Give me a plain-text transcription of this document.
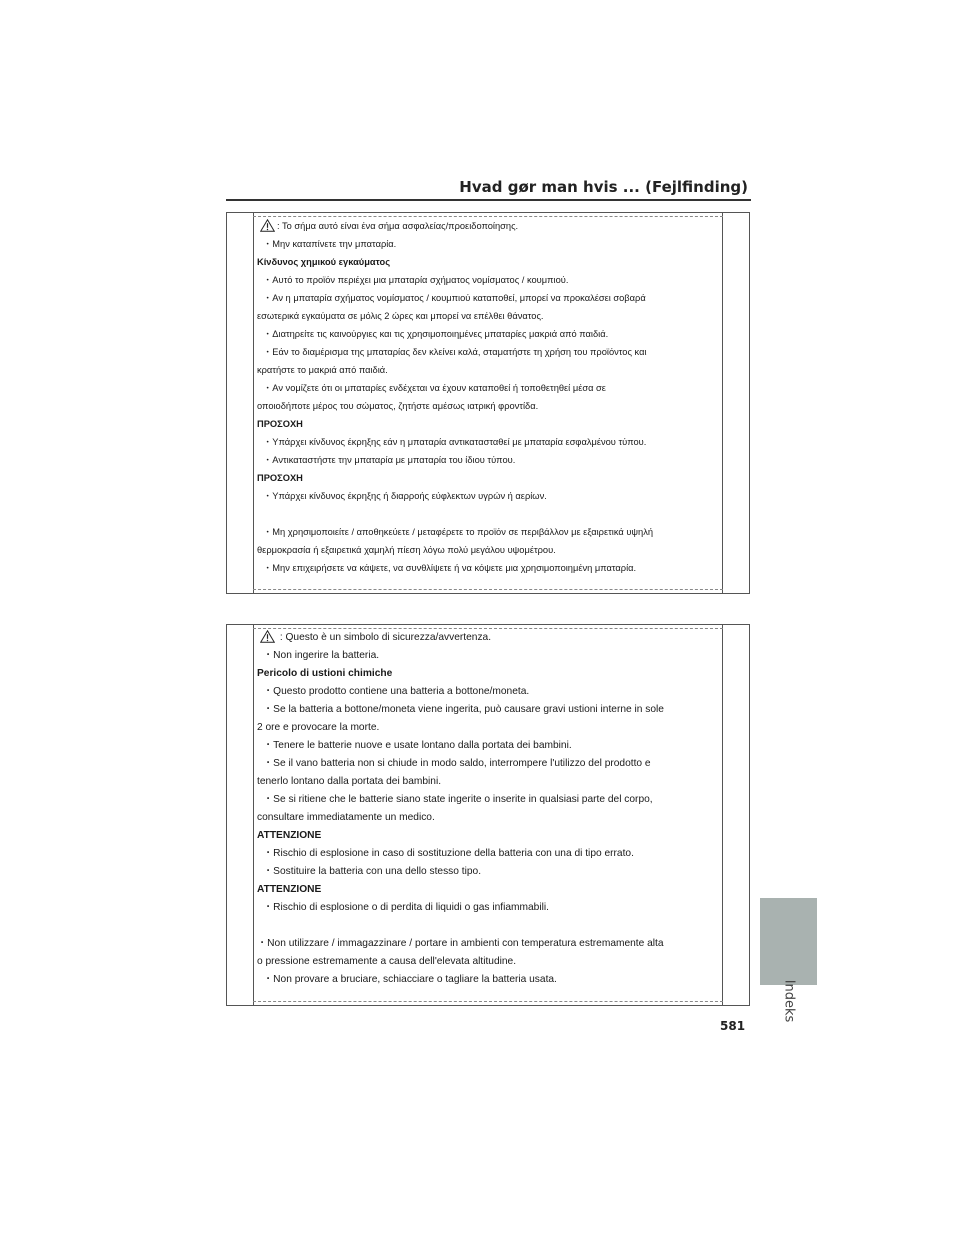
Hvad gør man hvis ... (Fejlfinding)
: Το σήμα αυτό είναι ένα σήμα ασφαλείας/προειδοποίησης.
・Μην καταπίνετε την μπαταρία.
Κίνδυνος χημικού εγκαύματος
・Αυτό το προϊόν περιέχει μια μπαταρία σχήματος νομίσματος / κουμπιού.
・Αν η μπαταρία σχήματος νομίσματος / κουμπιού καταποθεί, μπορεί να προκαλέσει σοβαρά
εσωτερικά εγκαύματα σε μόλις 2 ώρες και μπορεί να επέλθει θάνατος.
・Διατηρείτε τις καινούργιες και τις χρησιμοποιημένες μπαταρίες μακριά από παιδιά.
・Εάν το διαμέρισμα της μπαταρίας δεν κλείνει καλά, σταματήστε τη χρήση του προϊόντος και
κρατήστε το μακριά από παιδιά.
・Αν νομίζετε ότι οι μπαταρίες ενδέχεται να έχουν καταποθεί ή τοποθετηθεί μέσα σε
οποιοδήποτε μέρος του σώματος, ζητήστε αμέσως ιατρική φροντίδα.
ΠΡΟΣΟΧΗ
・Υπάρχει κίνδυνος έκρηξης εάν η μπαταρία αντικατασταθεί με μπαταρία εσφαλμένου τύπου.
・Αντικαταστήστε την μπαταρία με μπαταρία του ίδιου τύπου.
ΠΡΟΣΟΧΗ
・Υπάρχει κίνδυνος έκρηξης ή διαρροής εύφλεκτων υγρών ή αερίων.
・Μη χρησιμοποιείτε / αποθηκεύετε / μεταφέρετε το προϊόν σε περιβάλλον με εξαιρετικά υψηλή
θερμοκρασία ή εξαιρετικά χαμηλή πίεση λόγω πολύ μεγάλου υψομέτρου.
・Μην επιχειρήσετε να κάψετε, να συνθλίψετε ή να κόψετε μια χρησιμοποιημένη μπαταρία.
: Questo è un simbolo di sicurezza/avvertenza.
・Non ingerire la batteria.
Pericolo di ustioni chimiche
・Questo prodotto contiene una batteria a bottone/moneta.
・Se la batteria a bottone/moneta viene ingerita, può causare gravi ustioni interne in sole
2 ore e provocare la morte.
・Tenere le batterie nuove e usate lontano dalla portata dei bambini.
・Se il vano batteria non si chiude in modo saldo, interrompere l'utilizzo del prodotto e
tenerlo lontano dalla portata dei bambini.
・Se si ritiene che le batterie siano state ingerite o inserite in qualsiasi parte del corpo,
consultare immediatamente un medico.
ATTENZIONE
・Rischio di esplosione in caso di sostituzione della batteria con una di tipo errato.
・Sostituire la batteria con una dello stesso tipo.
ATTENZIONE
・Rischio di esplosione o di perdita di liquidi o gas infiammabili.
・Non utilizzare / immagazzinare / portare in ambienti con temperatura estremamente alta
o pressione estremamente a causa dell'elevata altitudine.
・Non provare a bruciare, schiacciare o tagliare la batteria usata.
Indeks
581
